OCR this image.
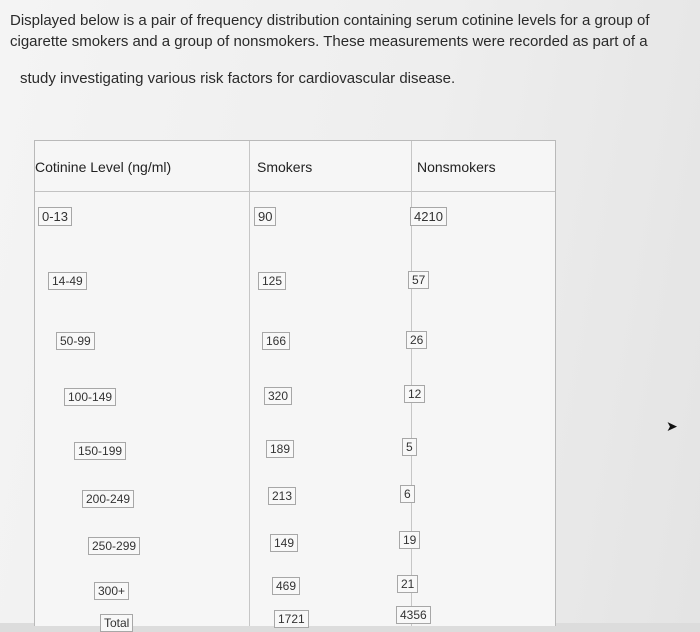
Displayed below is a pair of frequency distribution containing serum cotinine levels for a group of
cigarette smokers and a group of nonsmokers. These measurements were recorded as part of a
study investigating various risk factors for cardiovascular disease.
Cotinine Level (ng/ml)	Smokers	Nonsmokers
0-13	90	4210
14-49	125	57
50-99	166	26
100-149	320	12
150-199	189	5
200-249	213	6
250-299	149	19
300+	469	21
Total	1721	4356
➤
